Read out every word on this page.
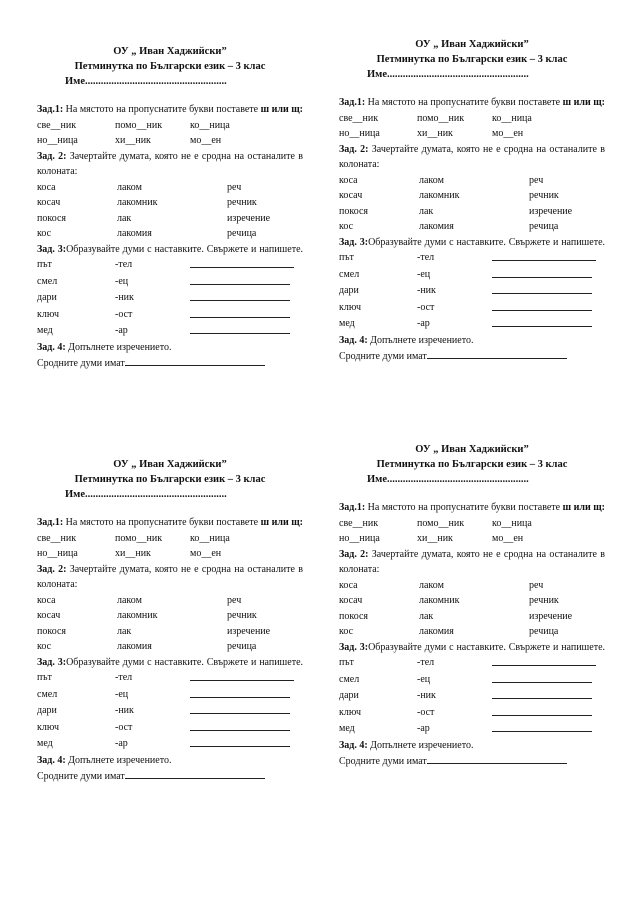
ОУ „ Иван Хаджийски”
Петминутка по Български език – 3 клас
Име......................................................
Зад.1: На мястото на пропуснатите букви поставете ш или щ:
све__ник	помо__ник	ко__ница
но__ница	хи__ник	мо__ен
Зад. 2: Зачертайте думата, която не е сродна на останалите в колоната:
коса	лаком	реч
косач	лакомник	речник
покося	лак	изречение
кос	лакомия	речица
Зад. 3:Образувайте думи с наставките. Свържете и напишете.
път	-тел
смел	-ец
дари	-ник
ключ	-ост
мед	-ар
Зад. 4: Допълнете изречението.
Сродните думи имат
ОУ „ Иван Хаджийски”
Петминутка по Български език – 3 клас
Име......................................................
Зад.1: На мястото на пропуснатите букви поставете ш или щ:
све__ник	помо__ник	ко__ница
но__ница	хи__ник	мо__ен
Зад. 2: Зачертайте думата, която не е сродна на останалите в колоната:
коса	лаком	реч
косач	лакомник	речник
покося	лак	изречение
кос	лакомия	речица
Зад. 3:Образувайте думи с наставките. Свържете и напишете.
път	-тел
смел	-ец
дари	-ник
ключ	-ост
мед	-ар
Зад. 4: Допълнете изречението.
Сродните думи имат
ОУ „ Иван Хаджийски”
Петминутка по Български език – 3 клас
Име......................................................
Зад.1: На мястото на пропуснатите букви поставете ш или щ:
све__ник	помо__ник	ко__ница
но__ница	хи__ник	мо__ен
Зад. 2: Зачертайте думата, която не е сродна на останалите в колоната:
коса	лаком	реч
косач	лакомник	речник
покося	лак	изречение
кос	лакомия	речица
Зад. 3:Образувайте думи с наставките. Свържете и напишете.
път	-тел
смел	-ец
дари	-ник
ключ	-ост
мед	-ар
Зад. 4: Допълнете изречението.
Сродните думи имат
ОУ „ Иван Хаджийски”
Петминутка по Български език – 3 клас
Име......................................................
Зад.1: На мястото на пропуснатите букви поставете ш или щ:
све__ник	помо__ник	ко__ница
но__ница	хи__ник	мо__ен
Зад. 2: Зачертайте думата, която не е сродна на останалите в колоната:
коса	лаком	реч
косач	лакомник	речник
покося	лак	изречение
кос	лакомия	речица
Зад. 3:Образувайте думи с наставките. Свържете и напишете.
път	-тел
смел	-ец
дари	-ник
ключ	-ост
мед	-ар
Зад. 4: Допълнете изречението.
Сродните думи имат
